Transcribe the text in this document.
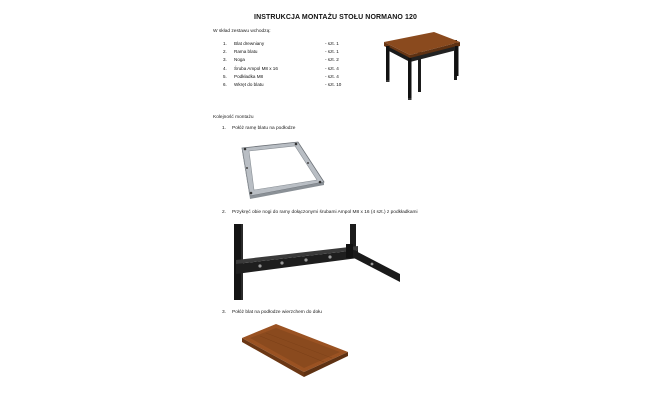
INSTRUKCJA MONTAŻU STOŁU NORMANO 120
W skład zestawu wchodzą:
1. Blat drewniany	- szt. 1
2. Rama blatu	- szt. 1
3. Noga	- szt. 2
4. Śruba Ampol M8 x 16	- szt. 4
5. Podkładka M8	- szt. 4
6. Wkręt do blatu	- szt. 10
Kolejność montażu
1. Połóż ramę blatu na podłodze
2. Przykręć obie nogi do ramy dołączonymi śrubami Ampol M8 x 16 (4 szt.) z podkładkami
3. Połóż blat na podłodze wierzchem do dołu
